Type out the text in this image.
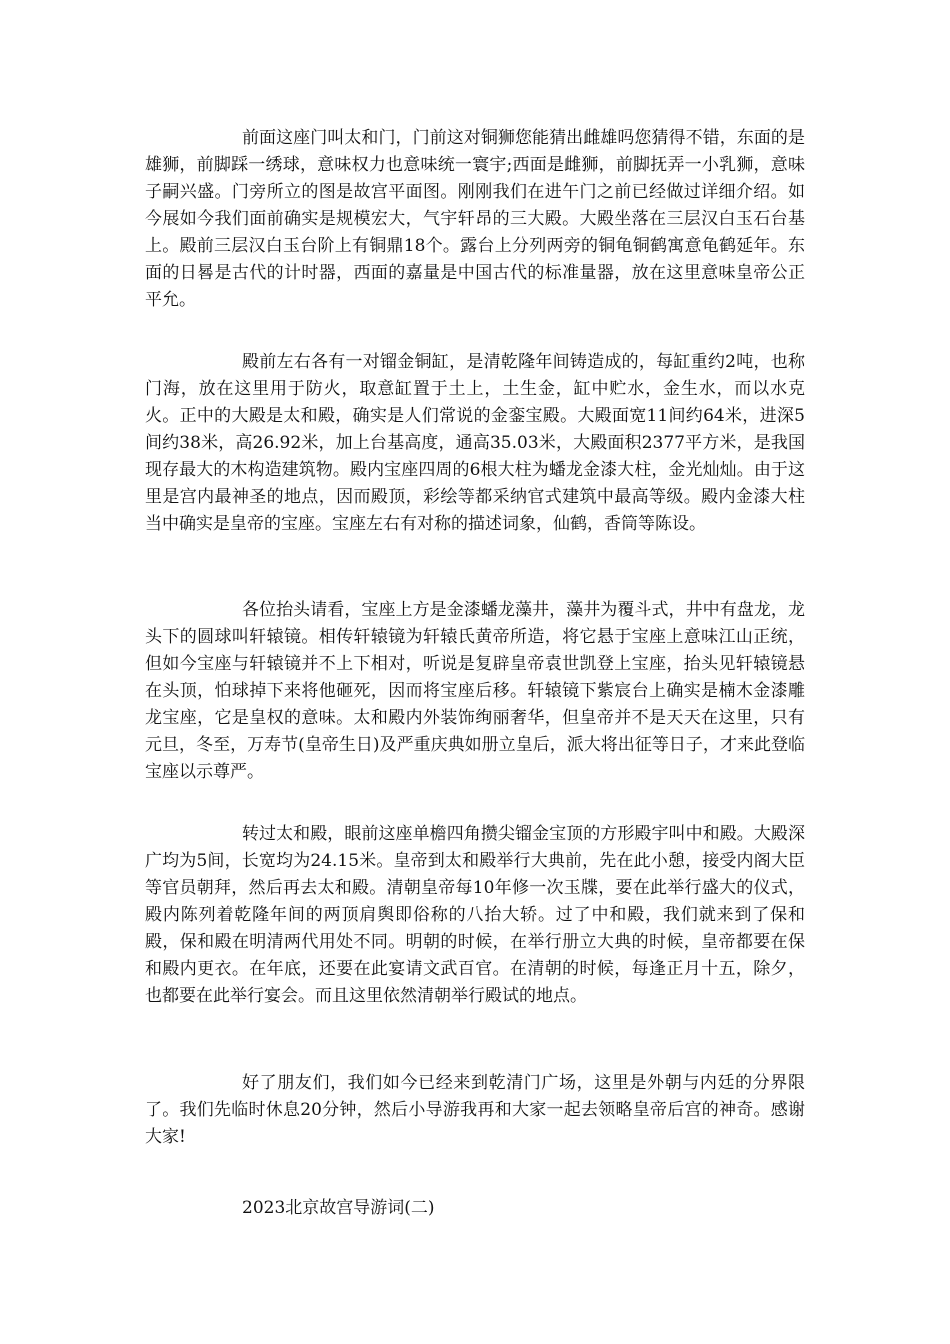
前面这座门叫太和门，门前这对铜狮您能猜出雌雄吗您猜得不错，东面的是雄狮，前脚踩一绣球，意味权力也意味统一寰宇;西面是雌狮，前脚抚弄一小乳狮，意味子嗣兴盛。门旁所立的图是故宫平面图。刚刚我们在进午门之前已经做过详细介绍。如今展如今我们面前确实是规模宏大，气宇轩昂的三大殿。大殿坐落在三层汉白玉石台基上。殿前三层汉白玉台阶上有铜鼎18个。露台上分列两旁的铜龟铜鹤寓意龟鹤延年。东面的日晷是古代的计时器，西面的嘉量是中国古代的标准量器，放在这里意味皇帝公正平允。

殿前左右各有一对镏金铜缸，是清乾隆年间铸造成的，每缸重约2吨，也称门海，放在这里用于防火，取意缸置于土上，土生金，缸中贮水，金生水，而以水克火。正中的大殿是太和殿，确实是人们常说的金銮宝殿。大殿面宽11间约64米，进深5间约38米，高26.92米，加上台基高度，通高35.03米，大殿面积2377平方米，是我国现存最大的木构造建筑物。殿内宝座四周的6根大柱为蟠龙金漆大柱，金光灿灿。由于这里是宫内最神圣的地点，因而殿顶，彩绘等都采纳官式建筑中最高等级。殿内金漆大柱当中确实是皇帝的宝座。宝座左右有对称的描述词象，仙鹤，香筒等陈设。

各位抬头请看，宝座上方是金漆蟠龙藻井，藻井为覆斗式，井中有盘龙，龙头下的圆球叫轩辕镜。相传轩辕镜为轩辕氏黄帝所造，将它悬于宝座上意味江山正统，但如今宝座与轩辕镜并不上下相对，听说是复辟皇帝袁世凯登上宝座，抬头见轩辕镜悬在头顶，怕球掉下来将他砸死，因而将宝座后移。轩辕镜下紫宸台上确实是楠木金漆雕龙宝座，它是皇权的意味。太和殿内外装饰绚丽奢华，但皇帝并不是天天在这里，只有元旦，冬至，万寿节(皇帝生日)及严重庆典如册立皇后，派大将出征等日子，才来此登临宝座以示尊严。

转过太和殿，眼前这座单檐四角攒尖镏金宝顶的方形殿宇叫中和殿。大殿深广均为5间，长宽均为24.15米。皇帝到太和殿举行大典前，先在此小憩，接受内阁大臣等官员朝拜，然后再去太和殿。清朝皇帝每10年修一次玉牒，要在此举行盛大的仪式，殿内陈列着乾隆年间的两顶肩舆即俗称的八抬大轿。过了中和殿，我们就来到了保和殿，保和殿在明清两代用处不同。明朝的时候，在举行册立大典的时候，皇帝都要在保和殿内更衣。在年底，还要在此宴请文武百官。在清朝的时候，每逢正月十五，除夕，也都要在此举行宴会。而且这里依然清朝举行殿试的地点。

好了朋友们，我们如今已经来到乾清门广场，这里是外朝与内廷的分界限了。我们先临时休息20分钟，然后小导游我再和大家一起去领略皇帝后宫的神奇。感谢大家!

2023北京故宫导游词(二)
